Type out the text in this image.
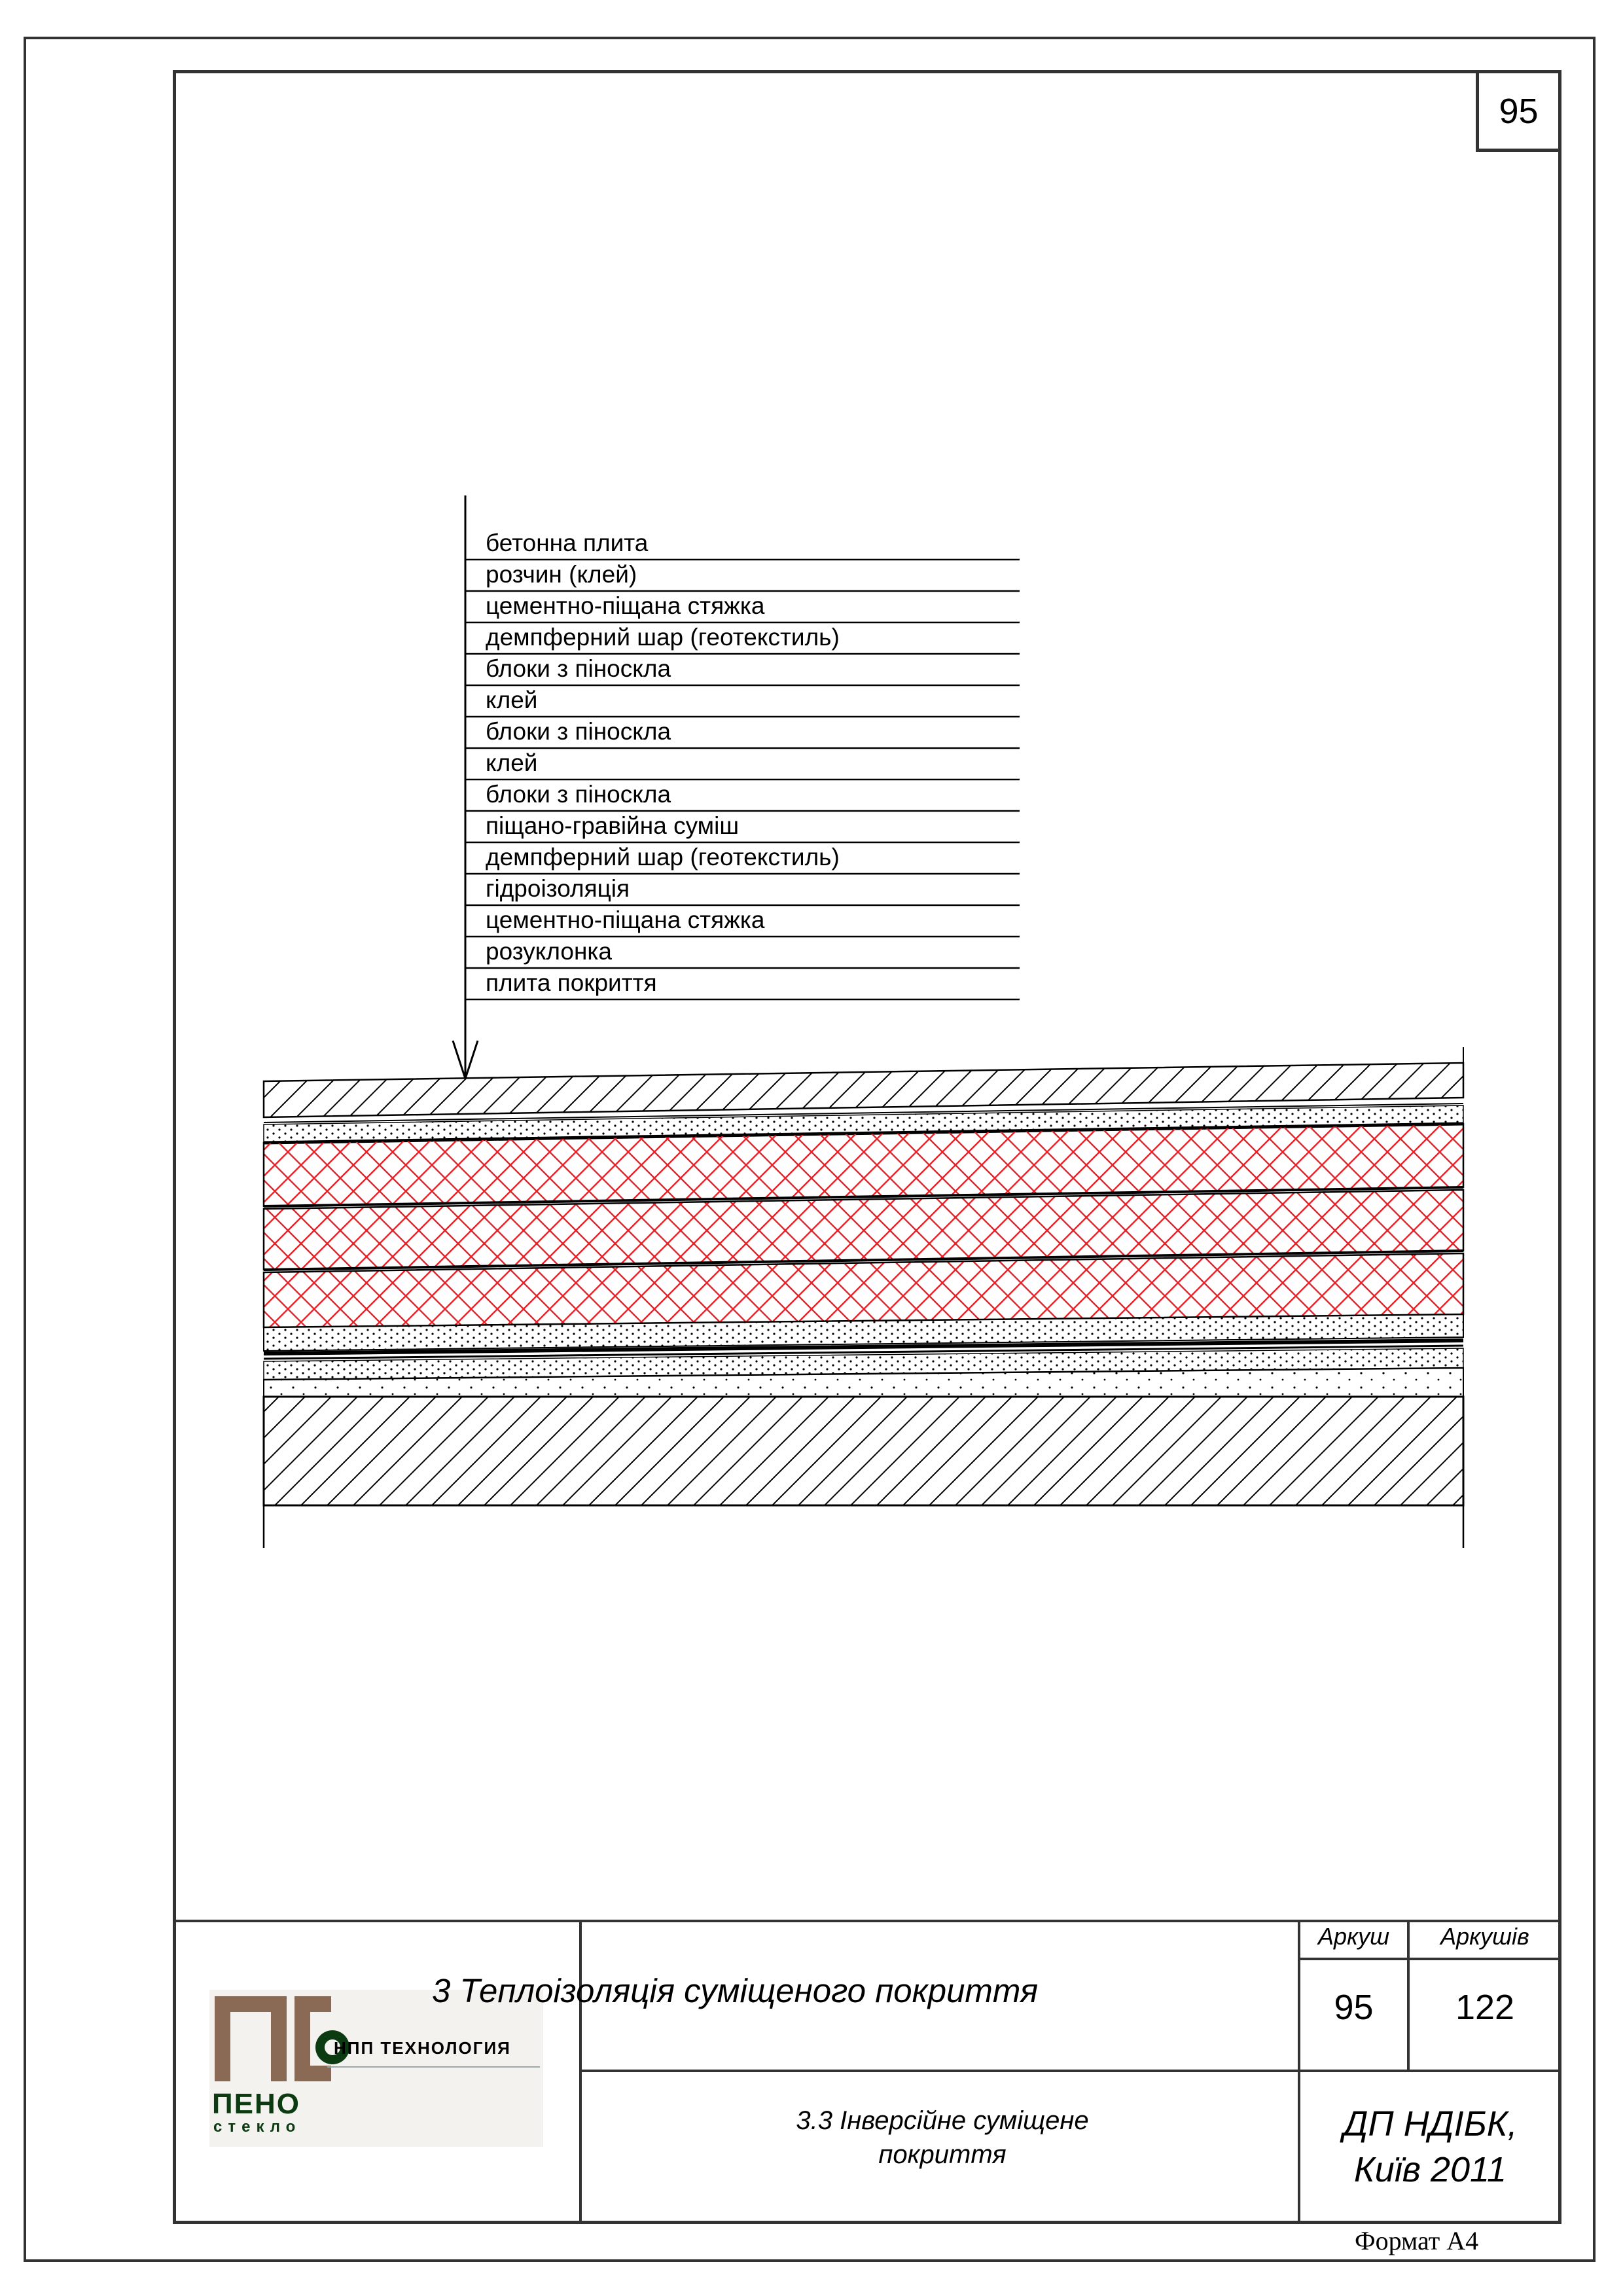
95
бетонна плита
розчин (клей)
цементно-піщана стяжка
демпферний шар (геотекстиль)
блоки з піноскла
клей
блоки з піноскла
клей
блоки з піноскла
піщано-гравійна суміш
демпферний шар (геотекстиль)
гідроізоляція
цементно-піщана стяжка
розуклонка
плита покриття
НПП ТЕХНОЛОГИЯ
ПЕНО
стекло
3 Теплоізоляція суміщеного покриття
3.3 Інверсійне суміщене
покриття
Аркуш	Аркушів
95	122
ДП НДІБК,
Київ 2011
Формат А4
